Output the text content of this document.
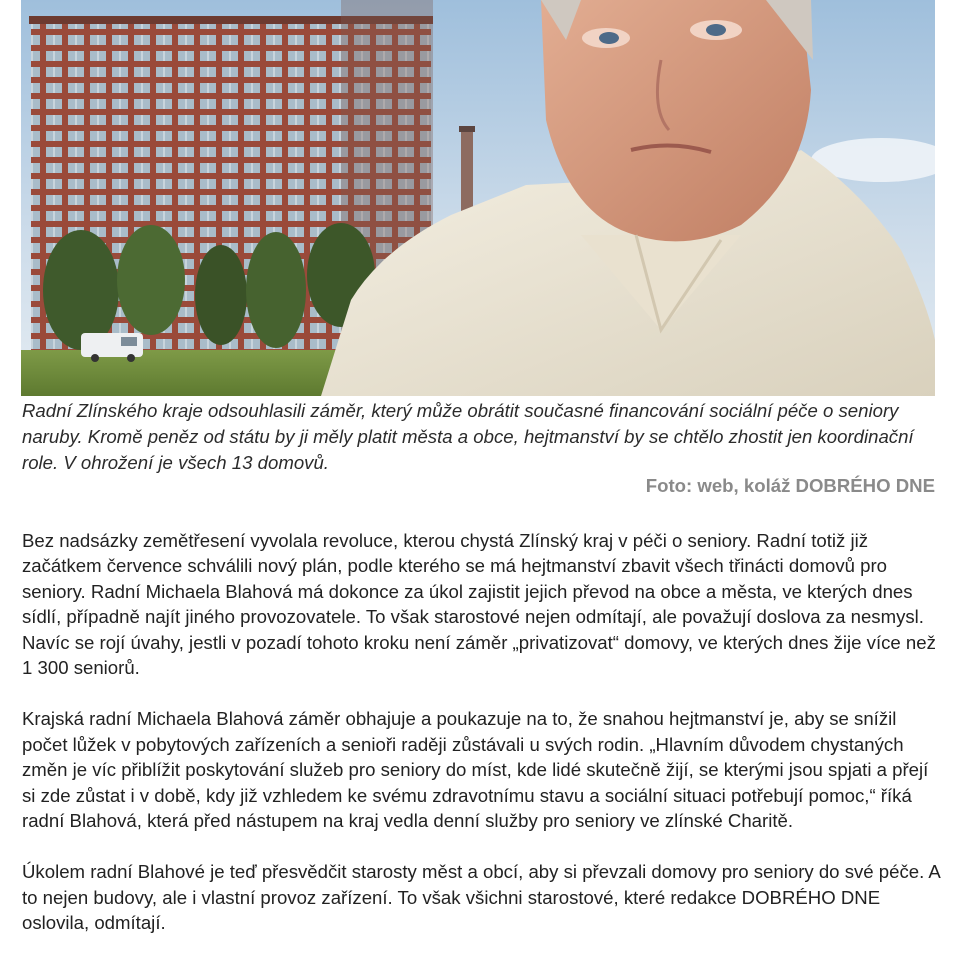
Radní Zlínského kraje odsouhlasili záměr, který může obrátit současné financování sociální péče o seniory naruby. Kromě peněz od státu by ji měly platit města a obce, hejtmanství by se chtělo zhostit jen koordinační role. V ohrožení je všech 13 domovů.

Foto: web, koláž DOBRÉHO DNE

Bez nadsázky zemětřesení vyvolala revoluce, kterou chystá Zlínský kraj v péči o seniory. Radní totiž již začátkem července schválili nový plán, podle kterého se má hejtmanství zbavit všech třinácti domovů pro seniory. Radní Michaela Blahová má dokonce za úkol zajistit jejich převod na obce a města, ve kterých dnes sídlí, případně najít jiného provozovatele. To však starostové nejen odmítají, ale považují doslova za nesmysl. Navíc se rojí úvahy, jestli v pozadí tohoto kroku není záměr „privatizovat“ domovy, ve kterých dnes žije více než 1 300 seniorů.

Krajská radní Michaela Blahová záměr obhajuje a poukazuje na to, že snahou hejtmanství je, aby se snížil počet lůžek v pobytových zařízeních a senioři raději zůstávali u svých rodin. „Hlavním důvodem chystaných změn je víc přiblížit poskytování služeb pro seniory do míst, kde lidé skutečně žijí, se kterými jsou spjati a přejí si zde zůstat i v době, kdy již vzhledem ke svému zdravotnímu stavu a sociální situaci potřebují pomoc,“ říká radní Blahová, která před nástupem na kraj vedla denní služby pro seniory ve zlínské Charitě.

Úkolem radní Blahové je teď přesvědčit starosty měst a obcí, aby si převzali domovy pro seniory do své péče. A to nejen budovy, ale i vlastní provoz zařízení. To však všichni starostové, které redakce DOBRÉHO DNE oslovila, odmítají.
